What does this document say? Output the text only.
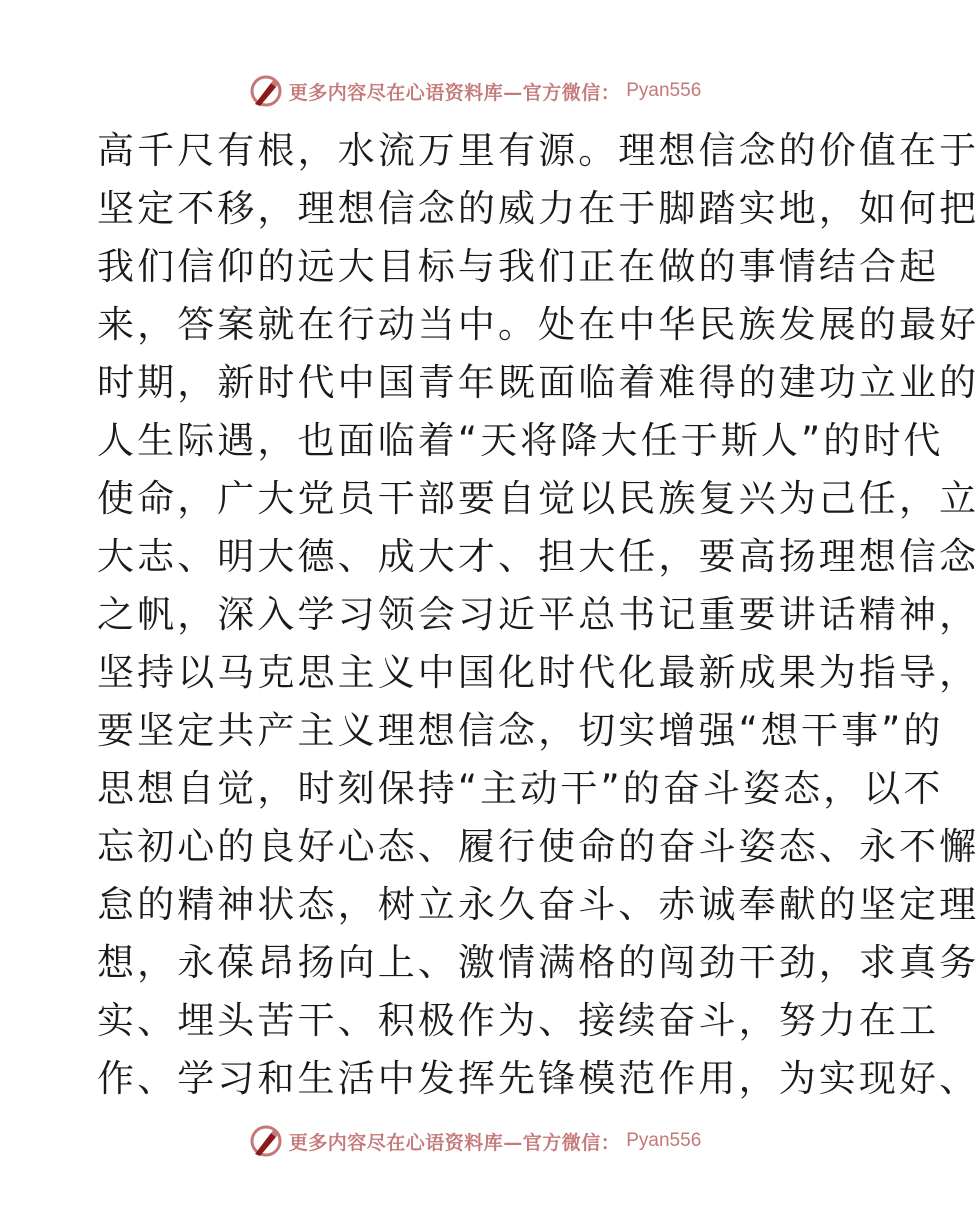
更多内容尽在心语资料库—官方微信： Pyan556
高千尺有根，水流万里有源。理想信念的价值在于
坚定不移，理想信念的威力在于脚踏实地，如何把
我们信仰的远大目标与我们正在做的事情结合起
来，答案就在行动当中。处在中华民族发展的最好
时期，新时代中国青年既面临着难得的建功立业的
人生际遇，也面临着“天将降大任于斯人”的时代
使命，广大党员干部要自觉以民族复兴为己任，立
大志、明大德、成大才、担大任，要高扬理想信念
之帆，深入学习领会习近平总书记重要讲话精神，
坚持以马克思主义中国化时代化最新成果为指导，
要坚定共产主义理想信念，切实增强“想干事”的
思想自觉，时刻保持“主动干”的奋斗姿态，以不
忘初心的良好心态、履行使命的奋斗姿态、永不懈
怠的精神状态，树立永久奋斗、赤诚奉献的坚定理
想，永葆昂扬向上、激情满格的闯劲干劲，求真务
实、埋头苦干、积极作为、接续奋斗，努力在工
作、学习和生活中发挥先锋模范作用，为实现好、
更多内容尽在心语资料库—官方微信： Pyan556
